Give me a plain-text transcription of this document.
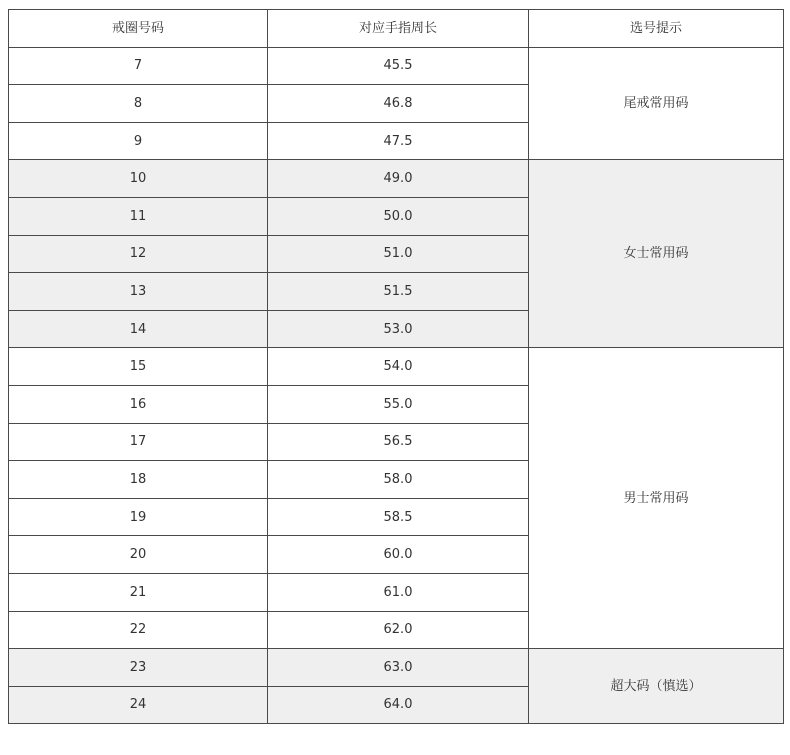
戒圈号码	对应手指周长	选号提示
7	45.5	尾戒常用码
8	46.8	
9	47.5	
10	49.0	女士常用码
11	50.0	
12	51.0	
13	51.5	
14	53.0	
15	54.0	男士常用码
16	55.0	
17	56.5	
18	58.0	
19	58.5	
20	60.0	
21	61.0	
22	62.0	
23	63.0	超大码（慎选）
24	64.0	
